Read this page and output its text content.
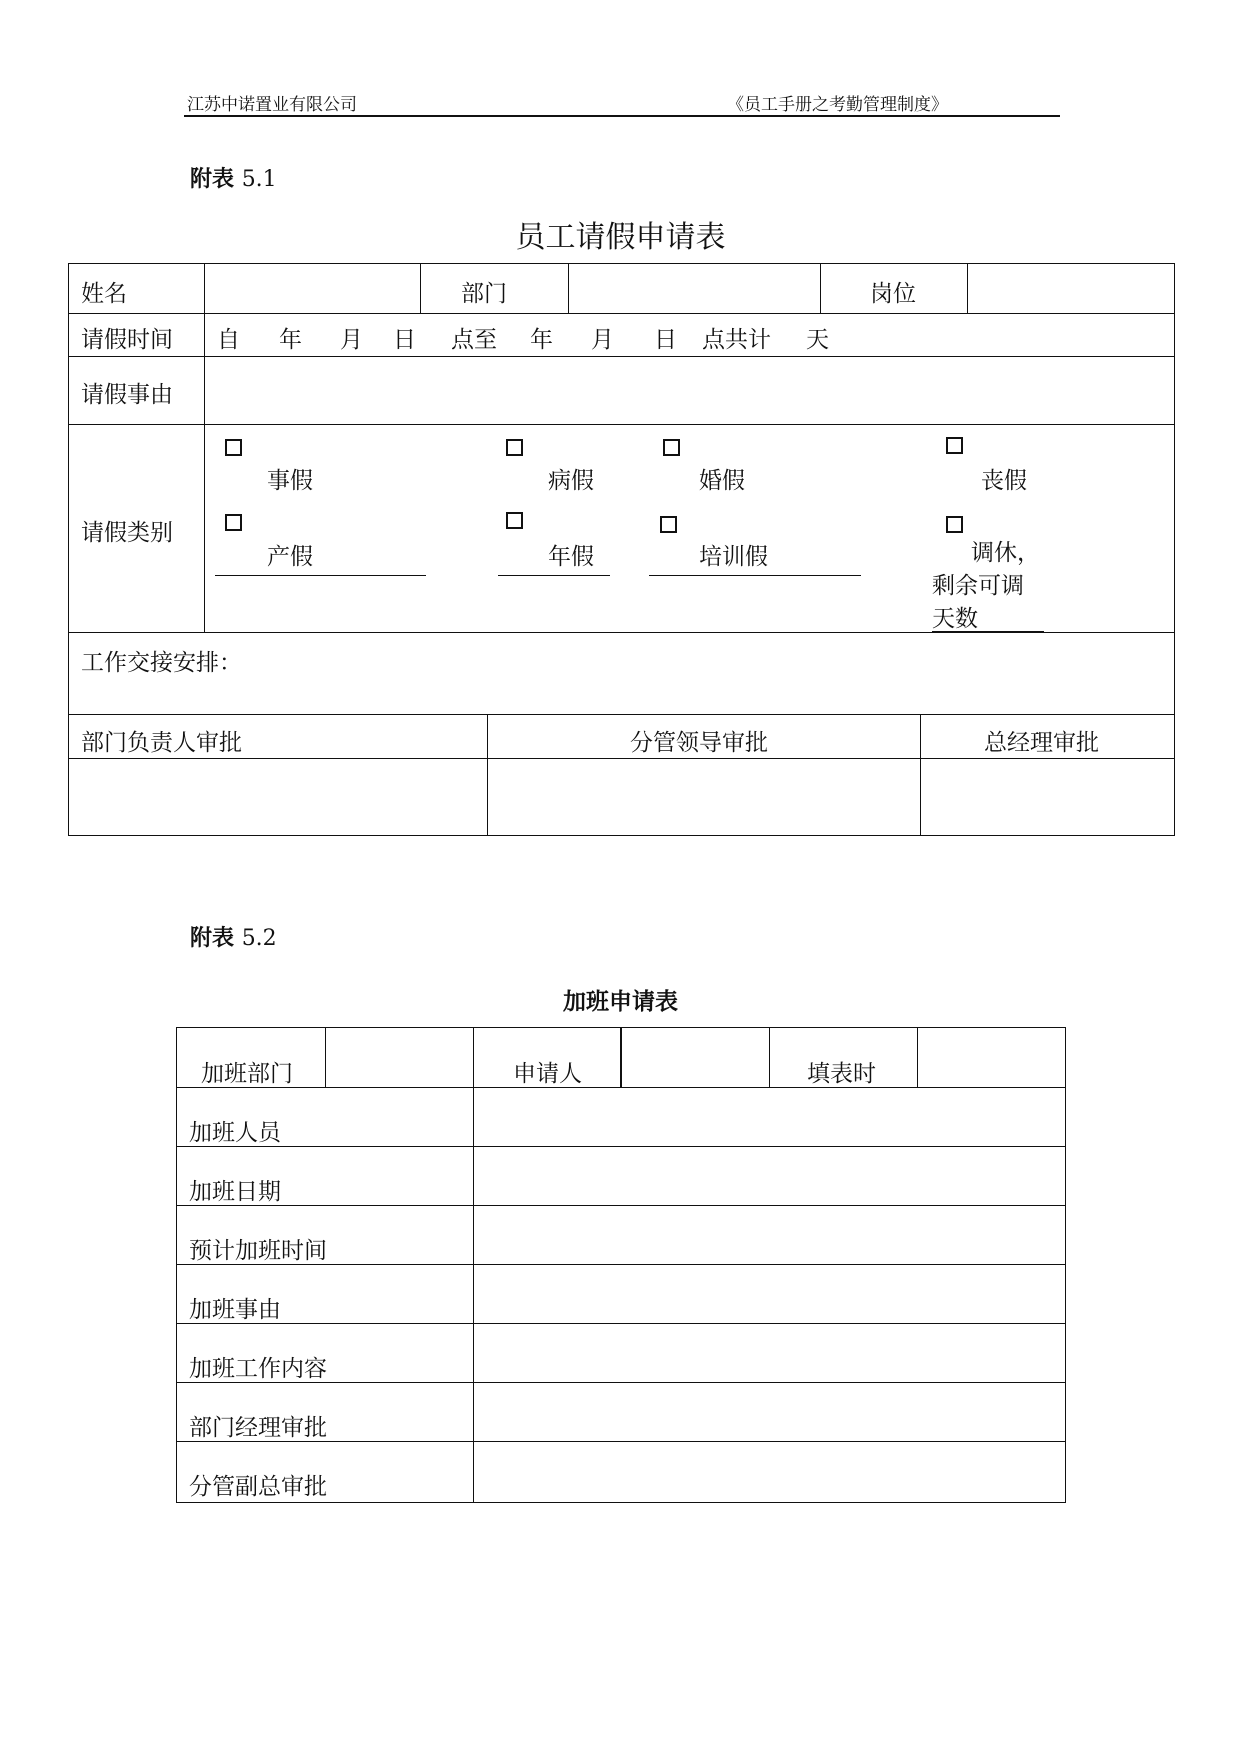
江苏中诺置业有限公司	《员工手册之考勤管理制度》
附表 5.1
员工请假申请表
姓名	部门	岗位
请假时间 自 年 月 日 点至 年 月 日 点共计 天
请假事由
请假类别
事假	病假	婚假	丧假
产假	年假	培训假	调休，
剩余可调
天数
工作交接安排：
部门负责人审批	分管领导审批	总经理审批
附表 5.2
加班申请表
加班部门	申请人	填表时
加班人员
加班日期
预计加班时间
加班事由
加班工作内容
部门经理审批
分管副总审批
